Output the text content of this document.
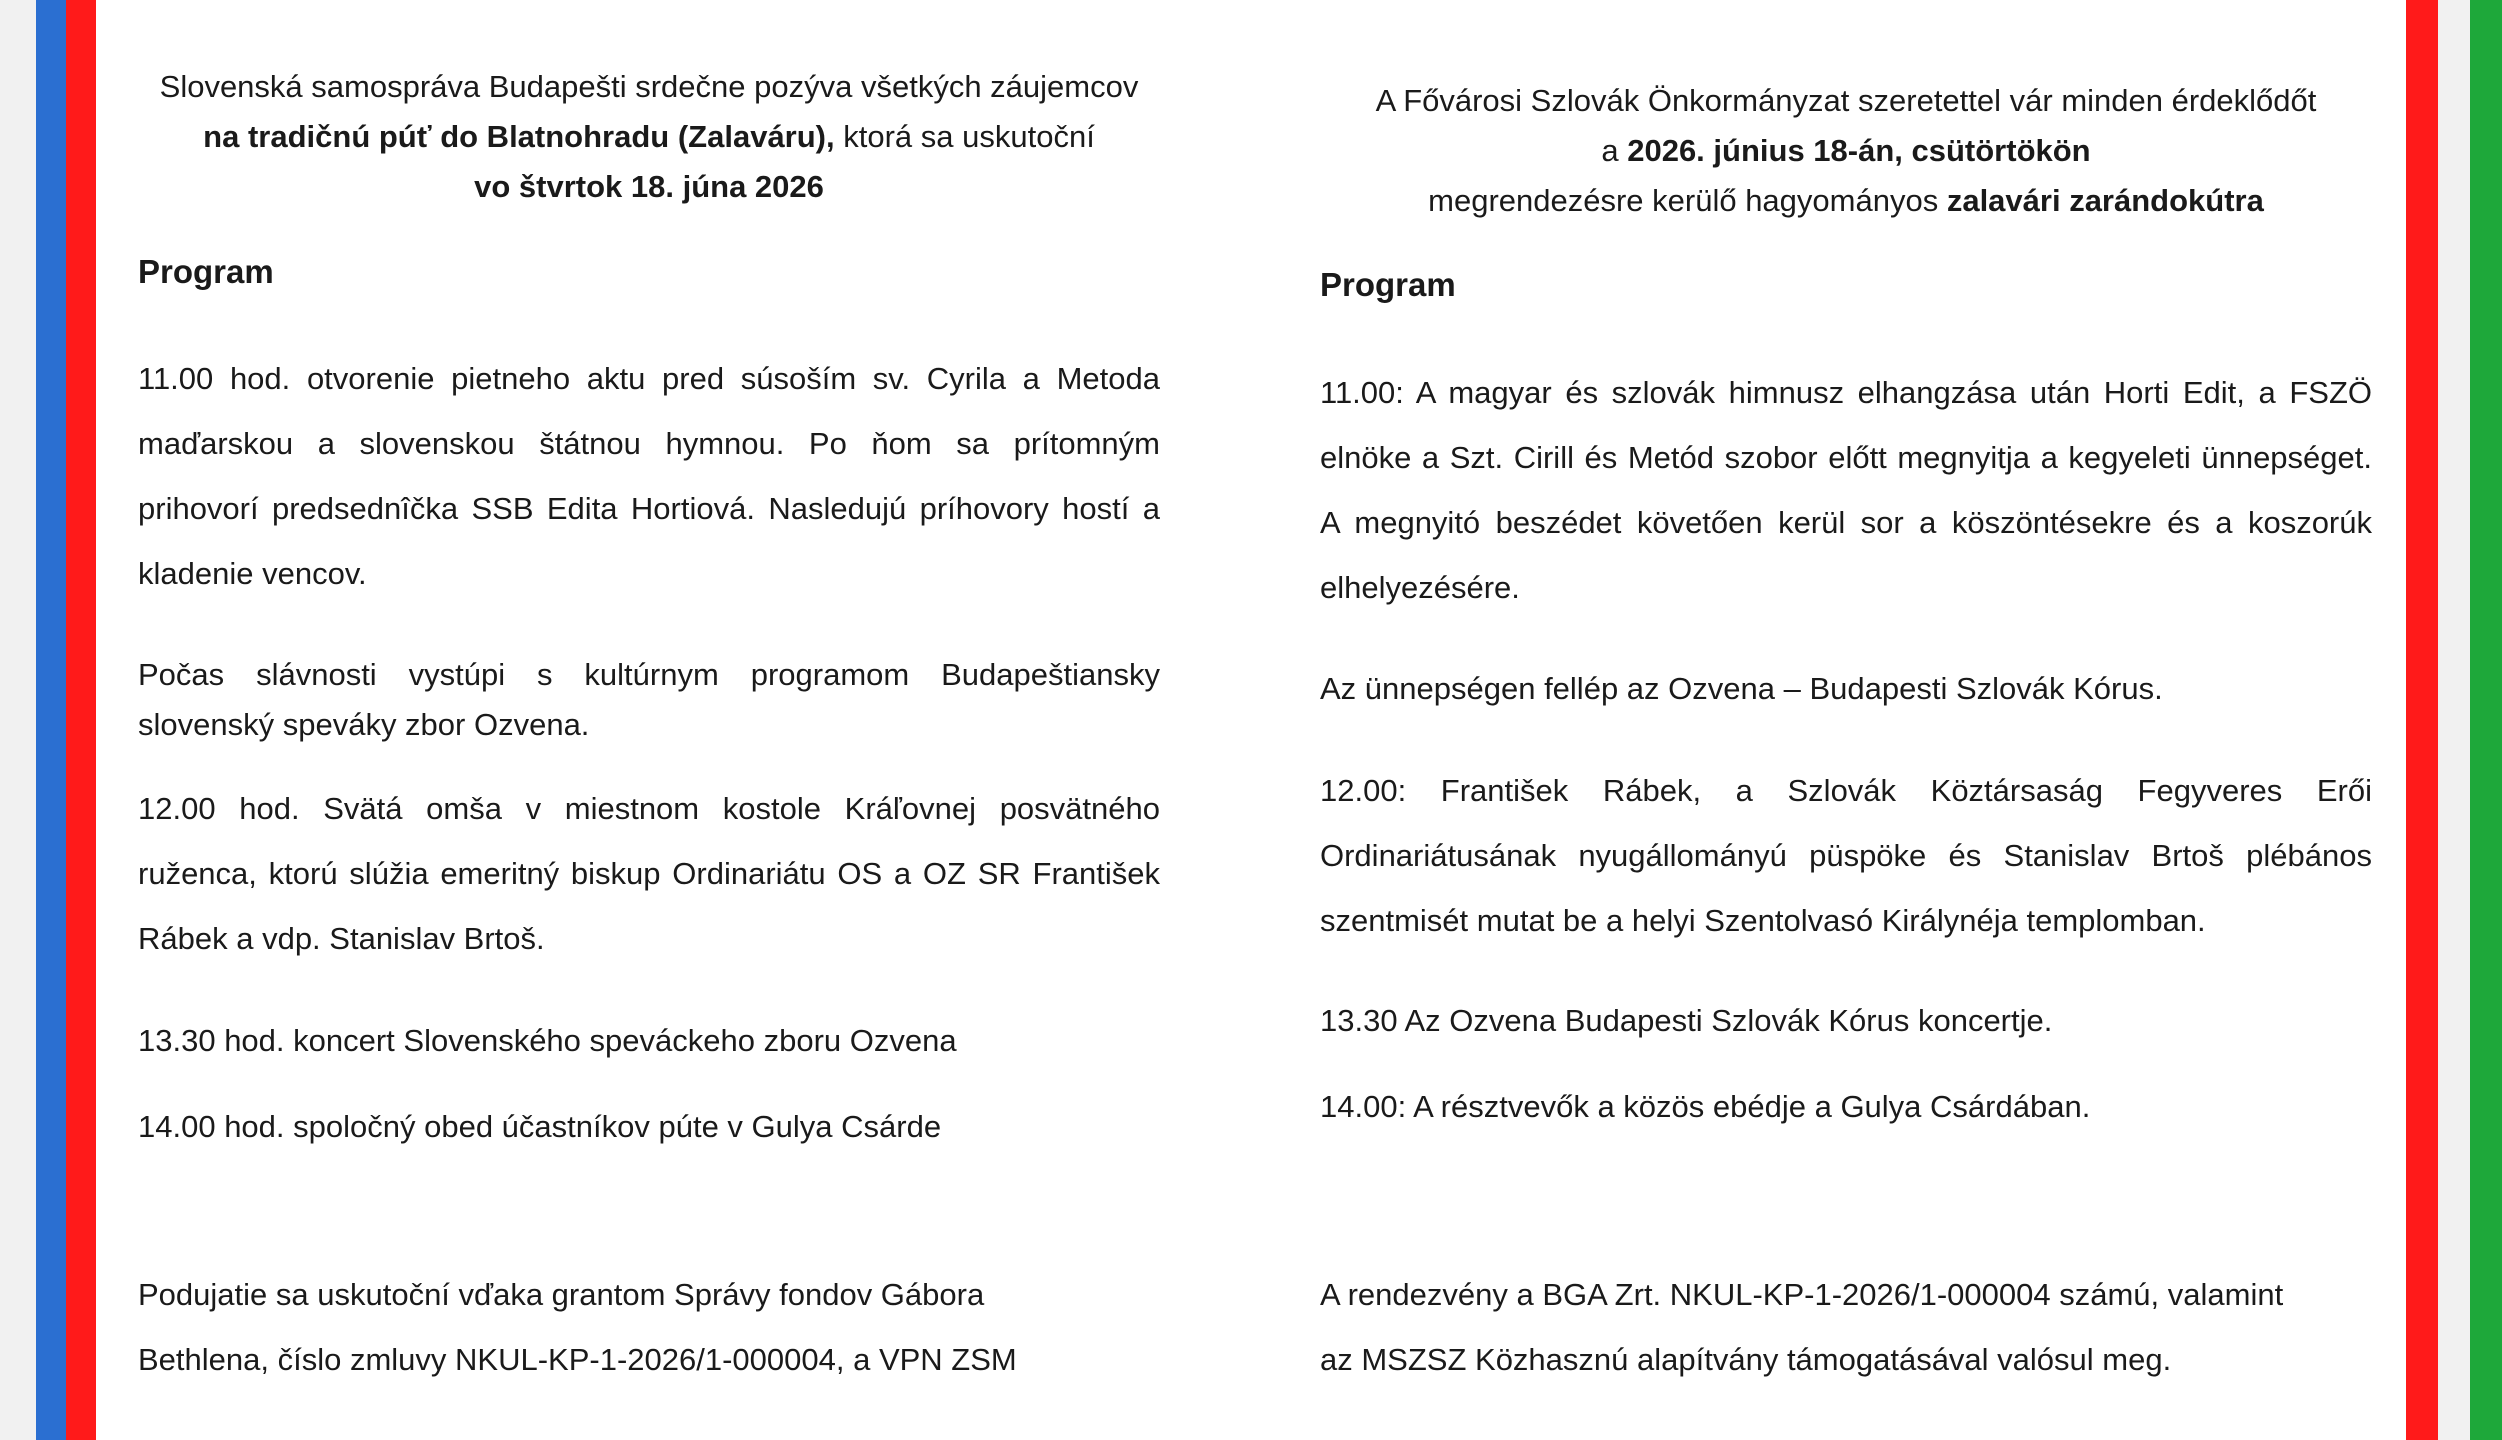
Slovenská samospráva Budapešti srdečne pozýva všetkých záujemcov
na tradičnú púť do Blatnohradu (Zalaváru), ktorá sa uskutoční
vo štvrtok 18. júna 2026
Program
11.00 hod. otvorenie pietneho aktu pred súsoším sv. Cyrila a Metoda maďarskou a slovenskou štátnou hymnou. Po ňom sa prítomným prihovorí predsednîčka SSB Edita Hortiová. Nasledujú príhovory hostí a kladenie vencov.
Počas slávnosti vystúpi s kultúrnym programom Budapeštiansky slovenský speváky zbor Ozvena.
12.00 hod. Svätá omša v miestnom kostole Kráľovnej posvätného ruženca, ktorú slúžia emeritný biskup Ordinariátu OS a OZ SR František Rábek a vdp. Stanislav Brtoš.
13.30 hod. koncert Slovenského speváckeho zboru Ozvena
14.00 hod. spoločný obed účastníkov púte v Gulya Csárde
Podujatie sa uskutoční vďaka grantom Správy fondov Gábora
Bethlena, číslo zmluvy NKUL-KP-1-2026/1-000004, a VPN ZSM
A Fővárosi Szlovák Önkormányzat szeretettel vár minden érdeklődőt
a 2026. június 18-án, csütörtökön
megrendezésre kerülő hagyományos zalavári zarándokútra
Program
11.00: A magyar és szlovák himnusz elhangzása után Horti Edit, a FSZÖ elnöke a Szt. Cirill és Metód szobor előtt megnyitja a kegyeleti ünnepséget. A megnyitó beszédet követően kerül sor a köszöntésekre és a koszorúk elhelyezésére.
Az ünnepségen fellép az Ozvena – Budapesti Szlovák Kórus.
12.00: František Rábek, a Szlovák Köztársaság Fegyveres Erői Ordinariátusának nyugállományú püspöke és Stanislav Brtoš plébános szentmisét mutat be a helyi Szentolvasó Királynéja templomban.
13.30 Az Ozvena Budapesti Szlovák Kórus koncertje.
14.00: A résztvevők a közös ebédje a Gulya Csárdában.
A rendezvény a BGA Zrt. NKUL-KP-1-2026/1-000004 számú, valamint
az MSZSZ Közhasznú alapítvány támogatásával valósul meg.
